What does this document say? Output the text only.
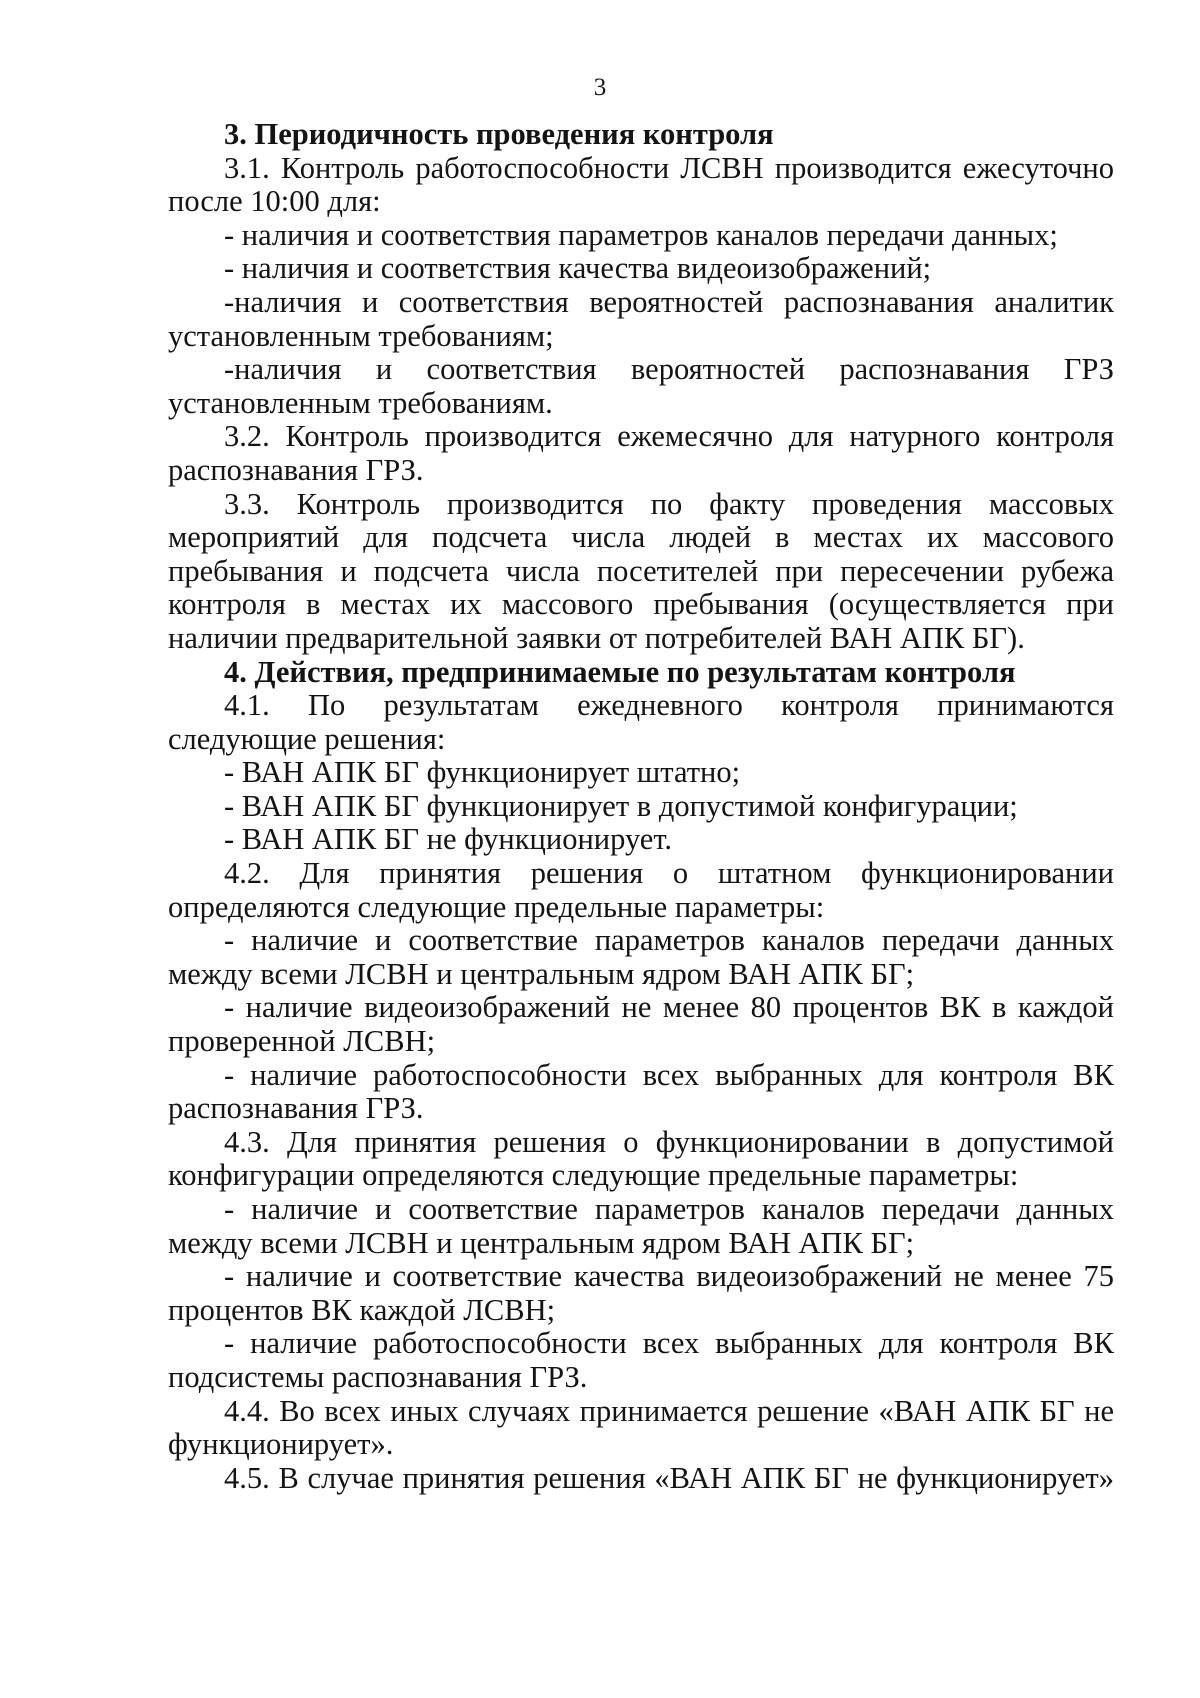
3

3. Периодичность проведения контроля

3.1. Контроль работоспособности ЛСВН производится ежесуточно после 10:00 для:

- наличия и соответствия параметров каналов передачи данных;

- наличия и соответствия качества видеоизображений;

-наличия и соответствия вероятностей распознавания аналитик установленным требованиям;

-наличия и соответствия вероятностей распознавания ГРЗ установленным требованиям.

3.2. Контроль производится ежемесячно для натурного контроля распознавания ГРЗ.

3.3. Контроль производится по факту проведения массовых мероприятий для подсчета числа людей в местах их массового пребывания и подсчета числа посетителей при пересечении рубежа контроля в местах их массового пребывания (осуществляется при наличии предварительной заявки от потребителей ВАН АПК БГ).

4. Действия, предпринимаемые по результатам контроля

4.1. По результатам ежедневного контроля принимаются следующие решения:

- ВАН АПК БГ функционирует штатно;

- ВАН АПК БГ функционирует в допустимой конфигурации;

- ВАН АПК БГ не функционирует.

4.2. Для принятия решения о штатном функционировании определяются следующие предельные параметры:

- наличие и соответствие параметров каналов передачи данных между всеми ЛСВН и центральным ядром ВАН АПК БГ;

- наличие видеоизображений не менее 80 процентов ВК в каждой проверенной ЛСВН;

- наличие работоспособности всех выбранных для контроля ВК распознавания ГРЗ.

4.3. Для принятия решения о функционировании в допустимой конфигурации определяются следующие предельные параметры:

- наличие и соответствие параметров каналов передачи данных между всеми ЛСВН и центральным ядром ВАН АПК БГ;

- наличие и соответствие качества видеоизображений не менее 75 процентов ВК каждой ЛСВН;

- наличие работоспособности всех выбранных для контроля ВК подсистемы распознавания ГРЗ.

4.4. Во всех иных случаях принимается решение «ВАН АПК БГ не функционирует».

4.5. В случае принятия решения «ВАН АПК БГ не функционирует»
